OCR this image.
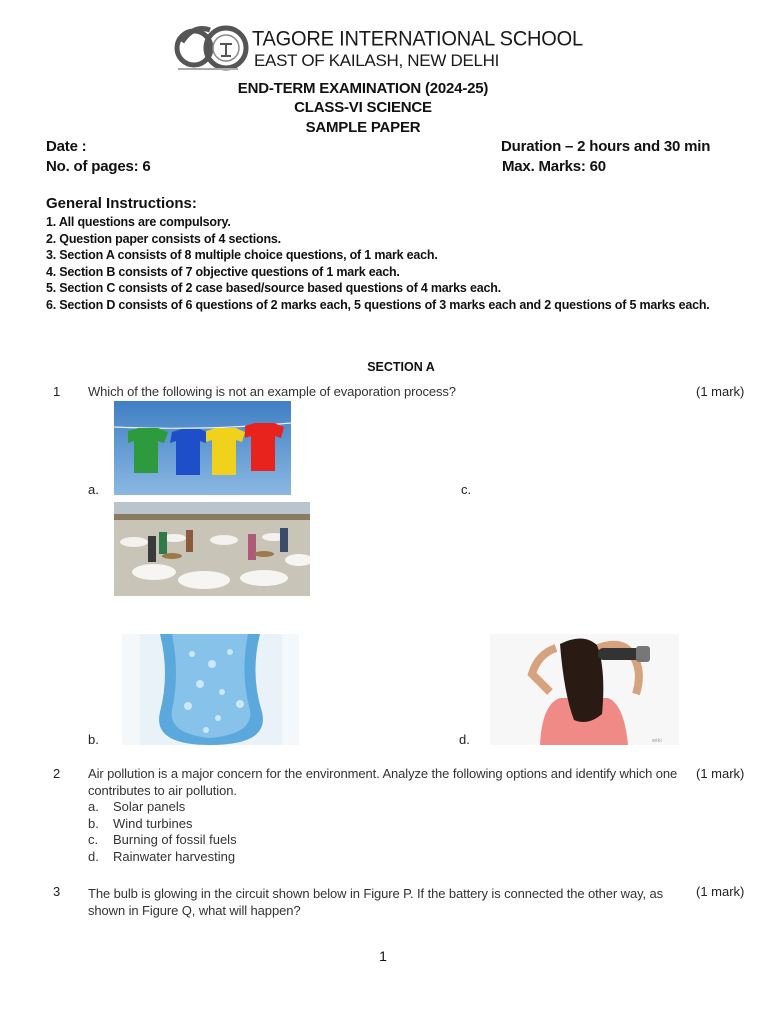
TAGORE INTERNATIONAL SCHOOL
EAST OF KAILASH, NEW DELHI
END-TERM EXAMINATION (2024-25)
CLASS-VI SCIENCE
SAMPLE PAPER
Date :
No. of pages: 6
Duration – 2 hours and 30 min
Max. Marks: 60
General Instructions:
1. All questions are compulsory.
2. Question paper consists of 4 sections.
3. Section A consists of 8 multiple choice questions, of 1 mark each.
4. Section B consists of 7 objective questions of 1 mark each.
5. Section C consists of 2 case based/source based questions of 4 marks each.
6. Section D consists of 6 questions of 2 marks each, 5 questions of 3 marks each and 2 questions of 5 marks each.
SECTION A
1 Which of the following is not an example of evaporation process?	(1 mark)
a.	c.
b.	wiki
d.
2 Air pollution is a major concern for the environment. Analyze the following options and identify which one contributes to air pollution.
(1 mark)
a.	Solar panels
b.	Wind turbines
c.	Burning of fossil fuels
d.	Rainwater harvesting
3 The bulb is glowing in the circuit shown below in Figure P. If the battery is connected the other way, as shown in Figure Q, what will happen?
(1 mark)
1
